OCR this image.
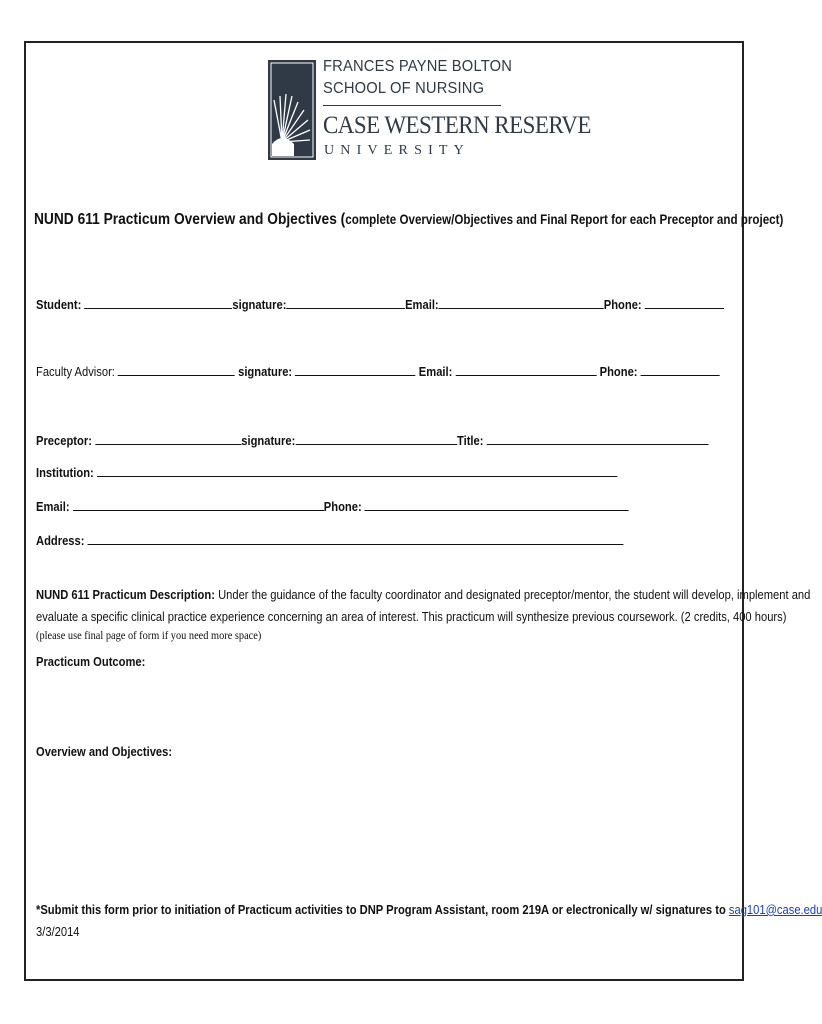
FRANCES PAYNE BOLTON
SCHOOL OF NURSING
CASE WESTERN RESERVE
UNIVERSITY
NUND 611 Practicum Overview and Objectives (complete Overview/Objectives and Final Report for each Preceptor and project)
Student:	signature:	Email:	Phone:
Faculty Advisor:	signature:	Email:	Phone:
Preceptor:	signature:	Title:
Institution:
Email:	Phone:
Address:
NUND 611 Practicum Description: Under the guidance of the faculty coordinator and designated preceptor/mentor, the student will develop, implement and
evaluate a specific clinical practice experience concerning an area of interest. This practicum will synthesize previous coursework. (2 credits, 400 hours)
(please use final page of form if you need more space)
Practicum Outcome:
Overview and Objectives:
*Submit this form prior to initiation of Practicum activities to DNP Program Assistant, room 219A or electronically w/ signatures to sag101@case.edu
3/3/2014
